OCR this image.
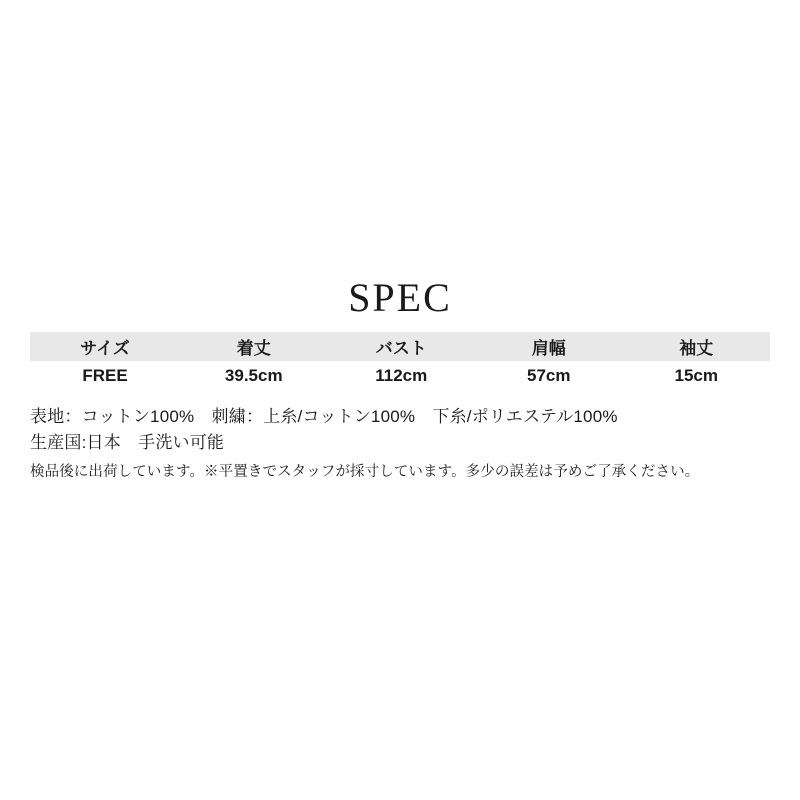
SPEC
サイズ	着丈	バスト	肩幅	袖丈
FREE	39.5cm	112cm	57cm	15cm
表地：コットン100%　刺繍：上糸/コットン100%　下糸/ポリエステル100%
生産国:日本　手洗い可能
検品後に出荷しています。※平置きでスタッフが採寸しています。多少の誤差は予めご了承ください。
